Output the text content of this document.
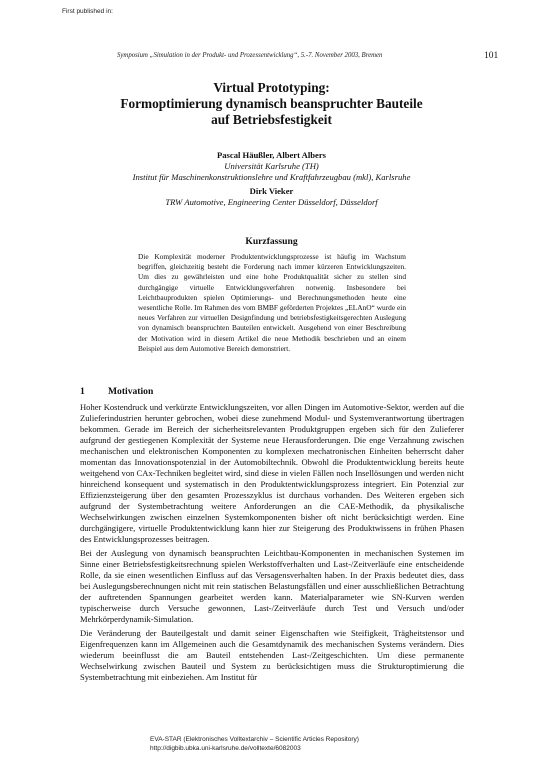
First published in:
Symposium „Simulation in der Produkt- und Prozessentwicklung“, 5.-7. November 2003, Bremen	101
Virtual Prototyping:
Formoptimierung dynamisch beanspruchter Bauteile
auf Betriebsfestigkeit
Pascal Häußler, Albert Albers
Universität Karlsruhe (TH)
Institut für Maschinenkonstruktionslehre und Kraftfahrzeugbau (mkl), Karlsruhe
Dirk Vieker
TRW Automotive, Engineering Center Düsseldorf, Düsseldorf
Kurzfassung
Die Komplexität moderner Produktentwicklungsprozesse ist häufig im Wachstum begriffen, gleichzeitig besteht die Forderung nach immer kürzeren Entwicklungszeiten. Um dies zu gewährleisten und eine hohe Produktqualität sicher zu stellen sind durchgängige virtuelle Entwicklungsverfahren notwenig. Insbesondere bei Leichtbauprodukten spielen Optimierungs- und Berechnungsmethoden heute eine wesentliche Rolle. Im Rahmen des vom BMBF geförderten Projektes „ELAnO“ wurde ein neues Verfahren zur virtuellen Designfindung und betriebsfestigkeitsgerechten Auslegung von dynamisch beanspruchten Bauteilen entwickelt. Ausgehend von einer Beschreibung der Motivation wird in diesem Artikel die neue Methodik beschrieben und an einem Beispiel aus dem Automotive Bereich demonstriert.
1 Motivation

Hoher Kostendruck und verkürzte Entwicklungszeiten, vor allen Dingen im Automotive-Sektor, werden auf die Zulieferindustrien herunter gebrochen, wobei diese zunehmend Modul- und Systemverantwortung übertragen bekommen. Gerade im Bereich der sicherheitsrelevanten Produktgruppen ergeben sich für den Zulieferer aufgrund der gestiegenen Komplexität der Systeme neue Herausforderungen. Die enge Verzahnung zwischen mechanischen und elektronischen Komponenten zu komplexen mechatronischen Einheiten beherrscht daher momentan das Innovationspotenzial in der Automobiltechnik. Obwohl die Produktentwicklung bereits heute weitgehend von CAx-Techniken begleitet wird, sind diese in vielen Fällen noch Insellösungen und werden nicht hinreichend konsequent und systematisch in den Produktentwicklungsprozess integriert. Ein Potenzial zur Effizienzsteigerung über den gesamten Prozesszyklus ist durchaus vorhanden. Des Weiteren ergeben sich aufgrund der Systembetrachtung weitere Anforderungen an die CAE-Methodik, da physikalische Wechselwirkungen zwischen einzelnen Systemkomponenten bisher oft nicht berücksichtigt werden. Eine durchgängigere, virtuelle Produktentwicklung kann hier zur Steigerung des Produktwissens in frühen Phasen des Entwicklungsprozesses beitragen.

Bei der Auslegung von dynamisch beanspruchten Leichtbau-Komponenten in mechanischen Systemen im Sinne einer Betriebsfestigkeitsrechnung spielen Werkstoffverhalten und Last-/Zeitverläufe eine entscheidende Rolle, da sie einen wesentlichen Einfluss auf das Versagensverhalten haben. In der Praxis bedeutet dies, dass bei Auslegungsberechnungen nicht mit rein statischen Belastungsfällen und einer ausschließlichen Betrachtung der auftretenden Spannungen gearbeitet werden kann. Materialparameter wie SN-Kurven werden typischerweise durch Versuche gewonnen, Last-/Zeitverläufe durch Test und Versuch und/oder Mehrkörperdynamik-Simulation.

Die Veränderung der Bauteilgestalt und damit seiner Eigenschaften wie Steifigkeit, Trägheitstensor und Eigenfrequenzen kann im Allgemeinen auch die Gesamtdynamik des mechanischen Systems verändern. Dies wiederum beeinflusst die am Bauteil entstehenden Last-/Zeitgeschichten. Um diese permanente Wechselwirkung zwischen Bauteil und System zu berücksichtigen muss die Strukturoptimierung die Systembetrachtung mit einbeziehen. Am Institut für

EVA-STAR (Elektronisches Volltextarchiv – Scientific Articles Repository)
http://digbib.ubka.uni-karlsruhe.de/volltexte/6082003
